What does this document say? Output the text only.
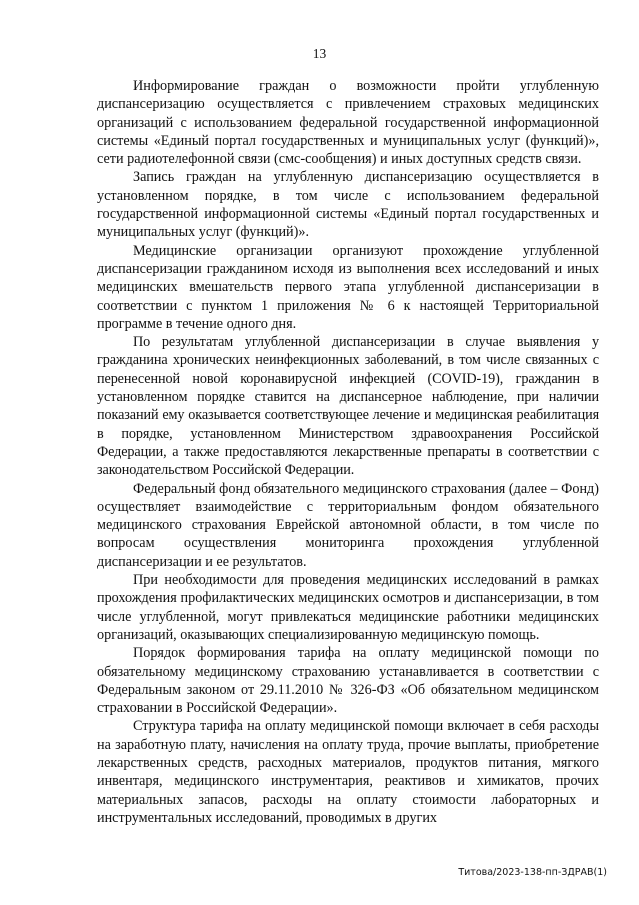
13

Информирование граждан о возможности пройти углубленную диспансеризацию осуществляется с привлечением страховых медицинских организаций с использованием федеральной государственной информационной системы «Единый портал государственных и муниципальных услуг (функций)», сети радиотелефонной связи (смс-сообщения) и иных доступных средств связи.

Запись граждан на углубленную диспансеризацию осуществляется в установленном порядке, в том числе с использованием федеральной государственной информационной системы «Единый портал государственных и муниципальных услуг (функций)».

Медицинские организации организуют прохождение углубленной диспансеризации гражданином исходя из выполнения всех исследований и иных медицинских вмешательств первого этапа углубленной диспансеризации в соответствии с пунктом 1 приложения № 6 к настоящей Территориальной программе в течение одного дня.

По результатам углубленной диспансеризации в случае выявления у гражданина хронических неинфекционных заболеваний, в том числе связанных с перенесенной новой коронавирусной инфекцией (COVID-19), гражданин в установленном порядке ставится на диспансерное наблюдение, при наличии показаний ему оказывается соответствующее лечение и медицинская реабилитация в порядке, установленном Министерством здравоохранения Российской Федерации, а также предоставляются лекарственные препараты в соответствии с законодательством Российской Федерации.

Федеральный фонд обязательного медицинского страхования (далее – Фонд) осуществляет взаимодействие с территориальным фондом обязательного медицинского страхования Еврейской автономной области, в том числе по вопросам осуществления мониторинга прохождения углубленной диспансеризации и ее результатов.

При необходимости для проведения медицинских исследований в рамках прохождения профилактических медицинских осмотров и диспансеризации, в том числе углубленной, могут привлекаться медицинские работники медицинских организаций, оказывающих специализированную медицинскую помощь.

Порядок формирования тарифа на оплату медицинской помощи по обязательному медицинскому страхованию устанавливается в соответствии с Федеральным законом от 29.11.2010 № 326-ФЗ «Об обязательном медицинском страховании в Российской Федерации».

Структура тарифа на оплату медицинской помощи включает в себя расходы на заработную плату, начисления на оплату труда, прочие выплаты, приобретение лекарственных средств, расходных материалов, продуктов питания, мягкого инвентаря, медицинского инструментария, реактивов и химикатов, прочих материальных запасов, расходы на оплату стоимости лабораторных и инструментальных исследований, проводимых в других

Титова/2023-138-пп-ЗДРАВ(1)
